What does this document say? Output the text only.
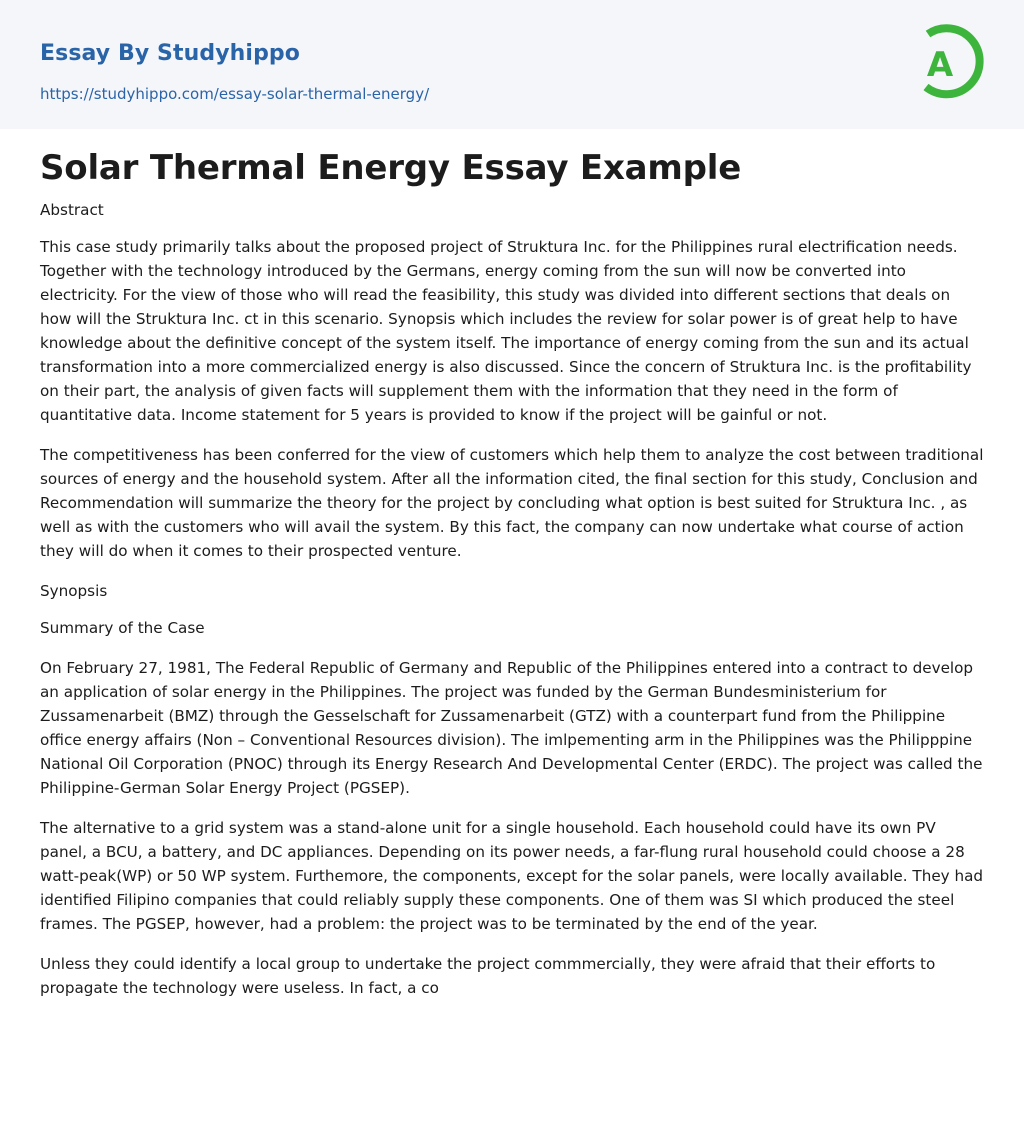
Essay By Studyhippo
https://studyhippo.com/essay-solar-thermal-energy/
A
Solar Thermal Energy Essay Example

Abstract

This case study primarily talks about the proposed project of Struktura Inc. for the Philippines rural electrification needs. Together with the technology introduced by the Germans, energy coming from the sun will now be converted into electricity. For the view of those who will read the feasibility, this study was divided into different sections that deals on how will the Struktura Inc. ct in this scenario. Synopsis which includes the review for solar power is of great help to have knowledge about the definitive concept of the system itself. The importance of energy coming from the sun and its actual transformation into a more commercialized energy is also discussed. Since the concern of Struktura Inc. is the profitability on their part, the analysis of given facts will supplement them with the information that they need in the form of quantitative data. Income statement for 5 years is provided to know if the project will be gainful or not.

The competitiveness has been conferred for the view of customers which help them to analyze the cost between traditional sources of energy and the household system. After all the information cited, the final section for this study, Conclusion and Recommendation will summarize the theory for the project by concluding what option is best suited for Struktura Inc. , as well as with the customers who will avail the system. By this fact, the company can now undertake what course of action they will do when it comes to their prospected venture.

Synopsis

Summary of the Case

On February 27, 1981, The Federal Republic of Germany and Republic of the Philippines entered into a contract to develop an application of solar energy in the Philippines. The project was funded by the German Bundesministerium for Zussamenarbeit (BMZ) through the Gesselschaft for Zussamenarbeit (GTZ) with a counterpart fund from the Philippine office energy affairs (Non – Conventional Resources division). The imlpementing arm in the Philippines was the Philipppine National Oil Corporation (PNOC) through its Energy Research And Developmental Center (ERDC). The project was called the Philippine-German Solar Energy Project (PGSEP).

The alternative to a grid system was a stand-alone unit for a single household. Each household could have its own PV panel, a BCU, a battery, and DC appliances. Depending on its power needs, a far-flung rural household could choose a 28 watt-peak(WP) or 50 WP system. Furthemore, the components, except for the solar panels, were locally available. They had identified Filipino companies that could reliably supply these components. One of them was SI which produced the steel frames. The PGSEP, however, had a problem: the project was to be terminated by the end of the year.

Unless they could identify a local group to undertake the project commmercially, they were afraid that their efforts to propagate the technology were useless. In fact, a co
